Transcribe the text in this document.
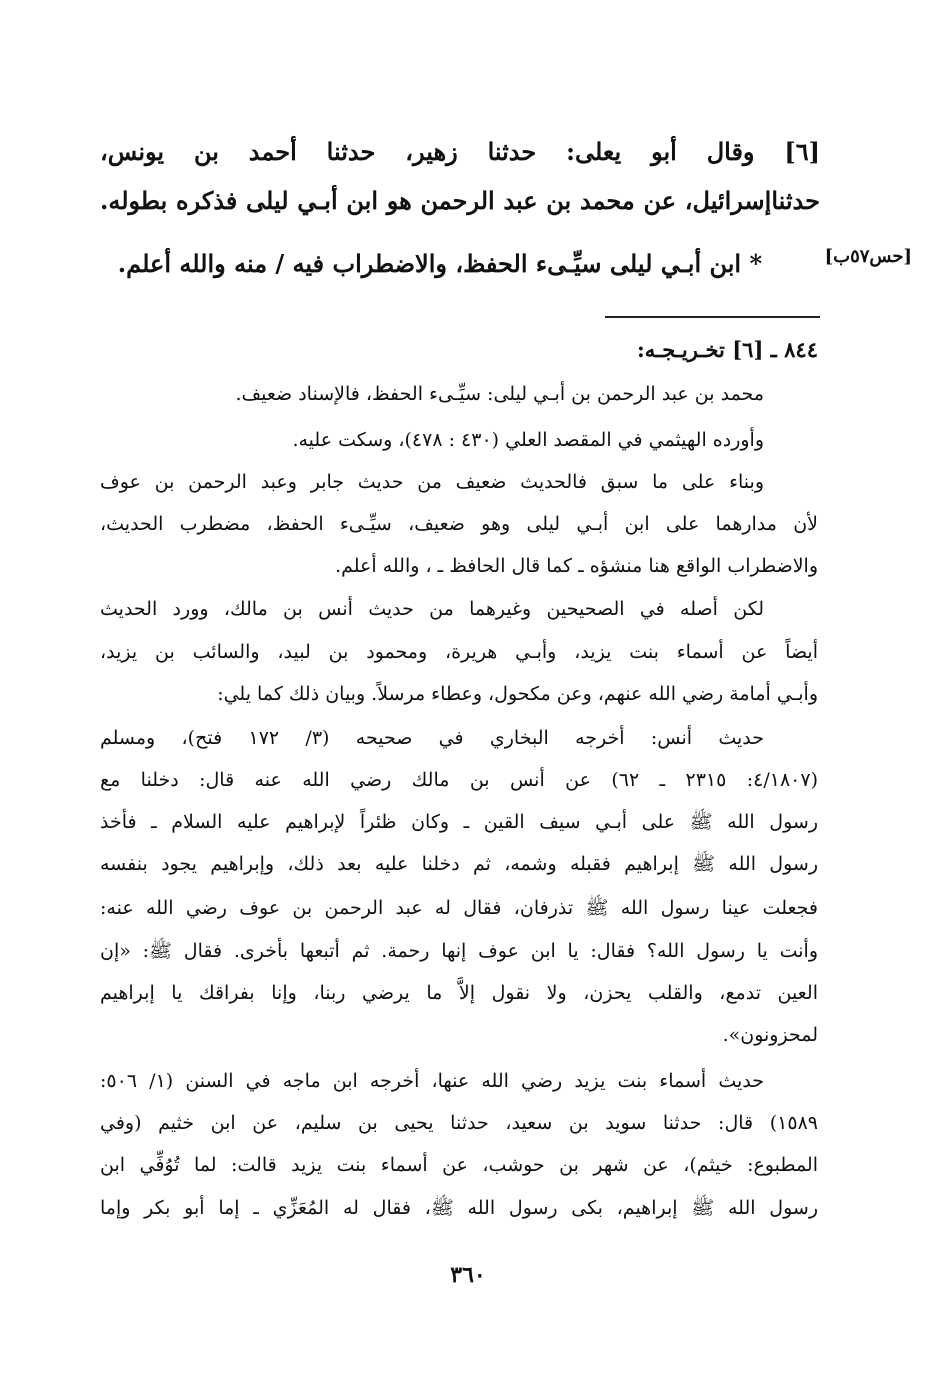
[٦] وقال أبو يعلى: حدثنا زهير، حدثنا أحمد بن يونس،
حدثناإسرائيل، عن محمد بن عبد الرحمن هو ابن أبـي ليلى فذكره بطوله.
* ابن أبـي ليلى سيِّـىء الحفظ، والاضطراب فيه / منه والله أعلم.	[حس٥٧ب]
٨٤٤ ـ [٦] تخـريـجـه:
محمد بن عبد الرحمن بن أبـي ليلى: سيِّـىء الحفظ، فالإسناد ضعيف.
وأورده الهيثمي في المقصد العلي (٤٣٠ : ٤٧٨)، وسكت عليه.
وبناء على ما سبق فالحديث ضعيف من حديث جابر وعبد الرحمن بن عوف
لأن مدارهما على ابن أبـي ليلى وهو ضعيف، سيِّـىء الحفظ، مضطرب الحديث،
والاضطراب الواقع هنا منشؤه ـ كما قال الحافظ ـ ، والله أعلم.
لكن أصله في الصحيحين وغيرهما من حديث أنس بن مالك، وورد الحديث
أيضاً عن أسماء بنت يزيد، وأبـي هريرة، ومحمود بن لبيد، والسائب بن يزيد،
وأبـي أمامة رضي الله عنهم، وعن مكحول، وعطاء مرسلاً. وبيان ذلك كما يلي:
حديث أنس: أخرجه البخاري في صحيحه (٣/ ١٧٢ فتح)، ومسلم
(٤/١٨٠٧: ٢٣١٥ ـ ٦٢) عن أنس بن مالك رضي الله عنه قال: دخلنا مع
رسول الله ﷺ على أبـي سيف القين ـ وكان ظئراً لإبراهيم عليه السلام ـ فأخذ
رسول الله ﷺ إبراهيم فقبله وشمه، ثم دخلنا عليه بعد ذلك، وإبراهيم يجود بنفسه
فجعلت عينا رسول الله ﷺ تذرفان، فقال له عبد الرحمن بن عوف رضي الله عنه:
وأنت يا رسول الله؟ فقال: يا ابن عوف إنها رحمة. ثم أتبعها بأخرى. فقال ﷺ: «إن
العين تدمع، والقلب يحزن، ولا نقول إلاَّ ما يرضي ربنا، وإنا بفراقك يا إبراهيم
لمحزونون».
حديث أسماء بنت يزيد رضي الله عنها، أخرجه ابن ماجه في السنن (١/ ٥٠٦:
١٥٨٩) قال: حدثنا سويد بن سعيد، حدثنا يحيى بن سليم، عن ابن خثيم (وفي
المطبوع: خيثم)، عن شهر بن حوشب، عن أسماء بنت يزيد قالت: لما تُوُفِّي ابن
رسول الله ﷺ إبراهيم، بكى رسول الله ﷺ، فقال له المُعَزِّي ـ إما أبو بكر وإما
٣٦٠
